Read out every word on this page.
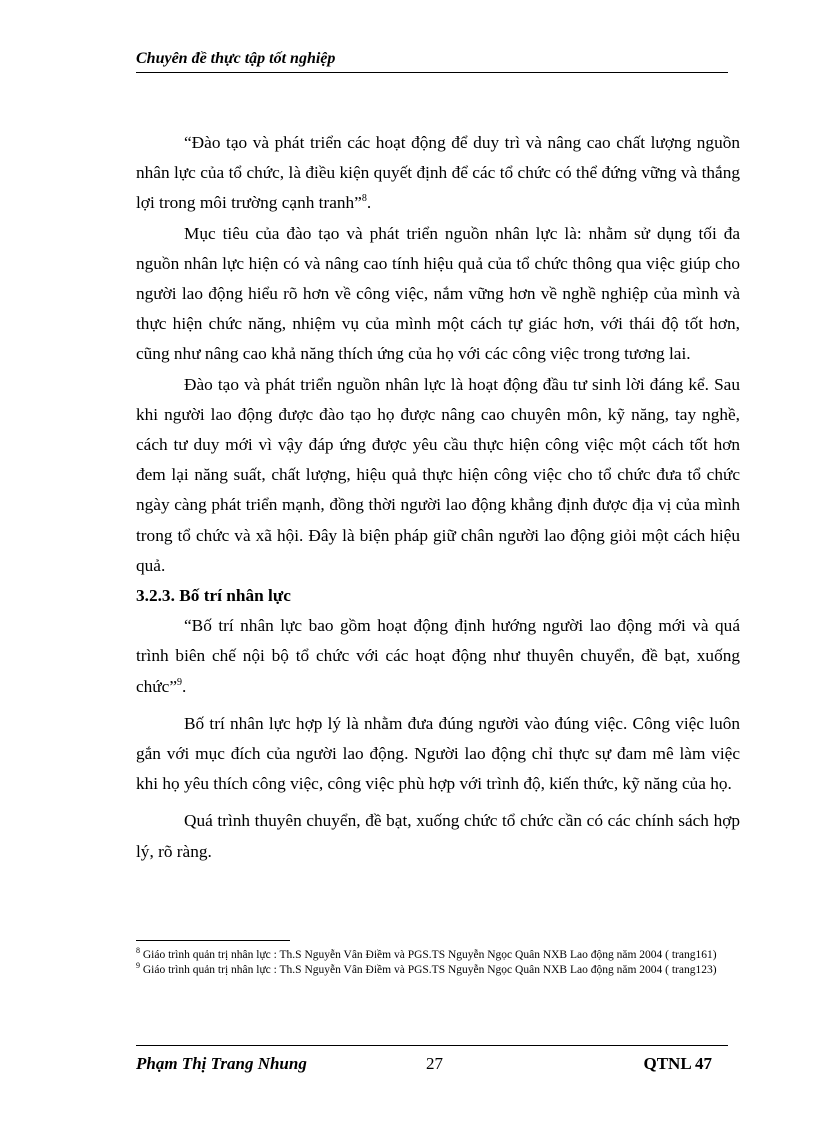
Chuyên đề thực tập tốt nghiệp

“Đào tạo và phát triển các hoạt động để duy trì và nâng cao chất lượng nguồn nhân lực của tổ chức, là điều kiện quyết định để các tổ chức có thể đứng vững và thắng lợi trong môi trường cạnh tranh”$^8$.

Mục tiêu của đào tạo và phát triển nguồn nhân lực là: nhằm sử dụng tối đa nguồn nhân lực hiện có và nâng cao tính hiệu quả của tổ chức thông qua việc giúp cho người lao động hiểu rõ hơn về công việc, nắm vững hơn về nghề nghiệp của mình và thực hiện chức năng, nhiệm vụ của mình một cách tự giác hơn, với thái độ tốt hơn, cũng như nâng cao khả năng thích ứng của họ với các công việc trong tương lai.

Đào tạo và phát triển nguồn nhân lực là hoạt động đầu tư sinh lời đáng kể. Sau khi người lao động được đào tạo họ được nâng cao chuyên môn, kỹ năng, tay nghề, cách tư duy mới vì vậy đáp ứng được yêu cầu thực hiện công việc một cách tốt hơn đem lại năng suất, chất lượng, hiệu quả thực hiện công việc cho tổ chức đưa tổ chức ngày càng phát triển mạnh, đồng thời người lao động khẳng định được địa vị của mình trong tổ chức và xã hội. Đây là biện pháp giữ chân người lao động giỏi một cách hiệu quả.

3.2.3. Bố trí nhân lực

“Bố trí nhân lực bao gồm hoạt động định hướng người lao động mới và quá trình biên chế nội bộ tổ chức với các hoạt động như thuyên chuyển, đề bạt, xuống chức”$^9$.

Bố trí nhân lực hợp lý là nhằm đưa đúng người vào đúng việc. Công việc luôn gắn với mục đích của người lao động. Người lao động chỉ thực sự đam mê làm việc khi họ yêu thích công việc, công việc phù hợp với trình độ, kiến thức, kỹ năng của họ.

Quá trình thuyên chuyển, đề bạt, xuống chức tổ chức cần có các chính sách hợp lý, rõ ràng.

$^8$ Giáo trình quản trị nhân lực : Th.S Nguyễn Vân Điềm và PGS.TS Nguyễn Ngọc Quân NXB Lao động năm 2004 ( trang161)

$^9$ Giáo trình quản trị nhân lực : Th.S Nguyễn Vân Điềm và PGS.TS Nguyễn Ngọc Quân NXB Lao động năm 2004 ( trang123)

Phạm Thị Trang Nhung	27	QTNL 47
